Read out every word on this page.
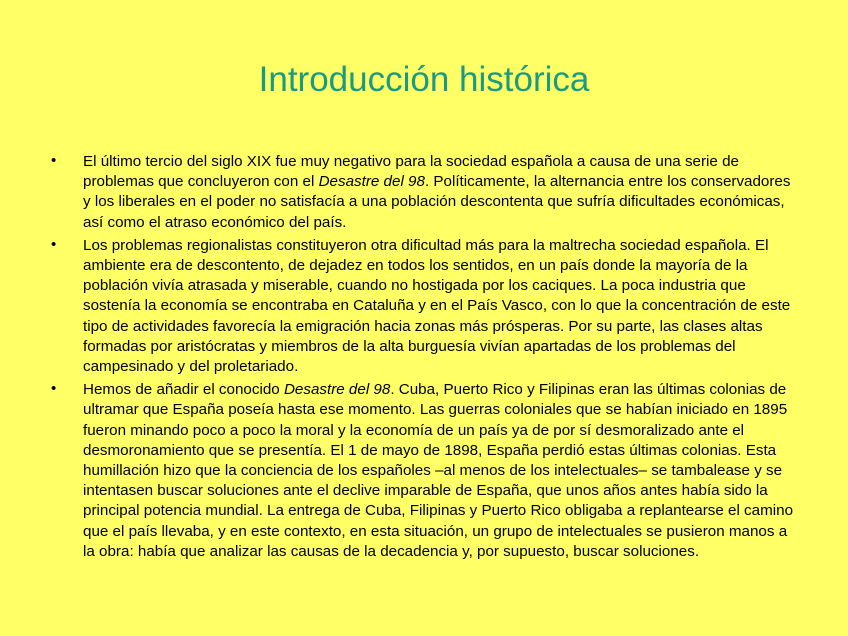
Introducción histórica
• El último tercio del siglo XIX fue muy negativo para la sociedad española a causa de una serie de problemas que concluyeron con el Desastre del 98. Políticamente, la alternancia entre los conservadores y los liberales en el poder no satisfacía a una población descontenta que sufría dificultades económicas, así como el atraso económico del país.
• Los problemas regionalistas constituyeron otra dificultad más para la maltrecha sociedad española. El ambiente era de descontento, de dejadez en todos los sentidos, en un país donde la mayoría de la población vivía atrasada y miserable, cuando no hostigada por los caciques. La poca industria que sostenía la economía se encontraba en Cataluña y en el País Vasco, con lo que la concentración de este tipo de actividades favorecía la emigración hacia zonas más prósperas. Por su parte, las clases altas formadas por aristócratas y miembros de la alta burguesía vivían apartadas de los problemas del campesinado y del proletariado.
• Hemos de añadir el conocido Desastre del 98. Cuba, Puerto Rico y Filipinas eran las últimas colonias de ultramar que España poseía hasta ese momento. Las guerras coloniales que se habían iniciado en 1895 fueron minando poco a poco la moral y la economía de un país ya de por sí desmoralizado ante el desmoronamiento que se presentía. El 1 de mayo de 1898, España perdió estas últimas colonias. Esta humillación hizo que la conciencia de los españoles –al menos de los intelectuales– se tambalease y se intentasen buscar soluciones ante el declive imparable de España, que unos años antes había sido la principal potencia mundial. La entrega de Cuba, Filipinas y Puerto Rico obligaba a replantearse el camino que el país llevaba, y en este contexto, en esta situación, un grupo de intelectuales se pusieron manos a la obra: había que analizar las causas de la decadencia y, por supuesto, buscar soluciones.
